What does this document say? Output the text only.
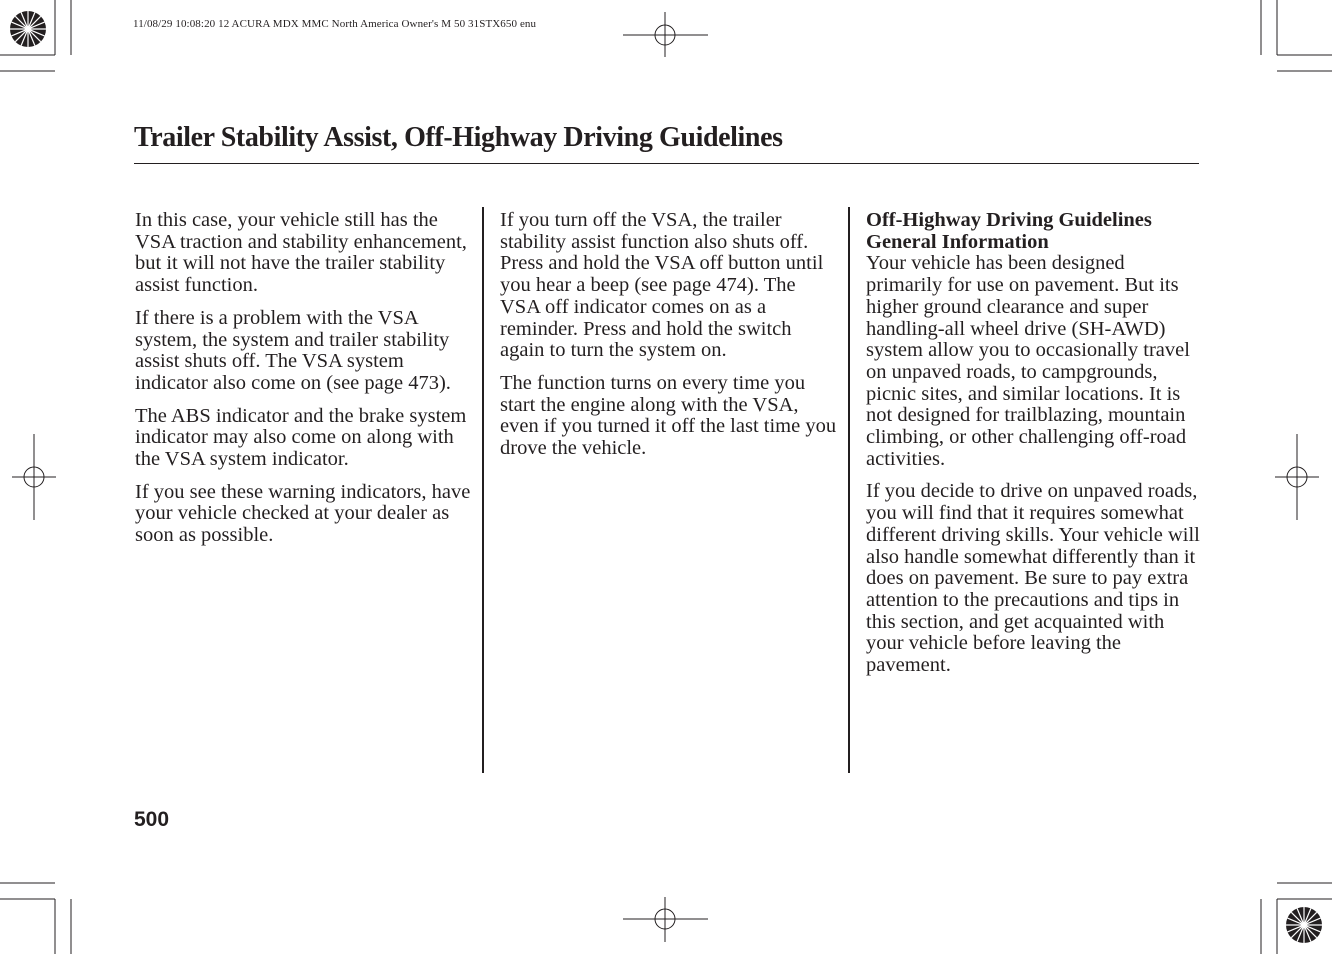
11/08/29 10:08:20 12 ACURA MDX MMC North America Owner's M 50 31STX650 enu
Trailer Stability Assist, Off-Highway Driving Guidelines

In this case, your vehicle still has the VSA traction and stability enhancement, but it will not have the trailer stability assist function.

If there is a problem with the VSA system, the system and trailer stability assist shuts off. The VSA system indicator also come on (see page 473).

The ABS indicator and the brake system indicator may also come on along with the VSA system indicator.

If you see these warning indicators, have your vehicle checked at your dealer as soon as possible.

If you turn off the VSA, the trailer stability assist function also shuts off. Press and hold the VSA off button until you hear a beep (see page 474). The VSA off indicator comes on as a reminder. Press and hold the switch again to turn the system on.

The function turns on every time you start the engine along with the VSA, even if you turned it off the last time you drove the vehicle.

Off-Highway Driving Guidelines
General Information

Your vehicle has been designed primarily for use on pavement. But its higher ground clearance and super handling-all wheel drive (SH-AWD) system allow you to occasionally travel on unpaved roads, to campgrounds, picnic sites, and similar locations. It is not designed for trailblazing, mountain climbing, or other challenging off-road activities.

If you decide to drive on unpaved roads, you will find that it requires somewhat different driving skills. Your vehicle will also handle somewhat differently than it does on pavement. Be sure to pay extra attention to the precautions and tips in this section, and get acquainted with your vehicle before leaving the pavement.

500
